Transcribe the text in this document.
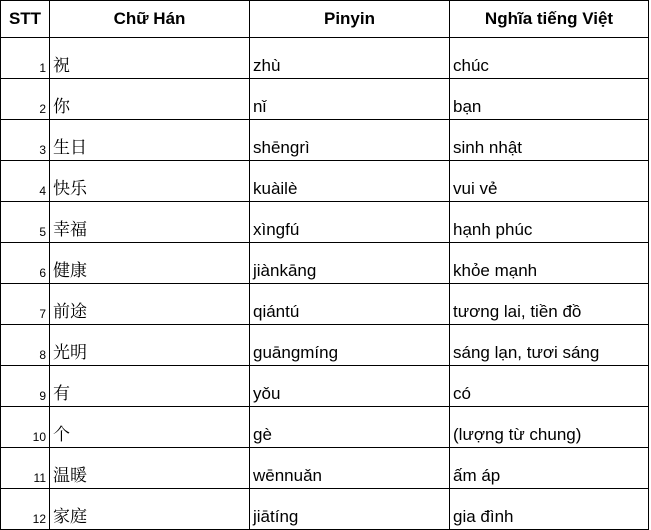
STT	Chữ Hán	Pinyin	Nghĩa tiếng Việt
1	祝	zhù	chúc
2	你	nǐ	bạn
3	生日	shēngrì	sinh nhật
4	快乐	kuàilè	vui vẻ
5	幸福	xìngfú	hạnh phúc
6	健康	jiànkāng	khỏe mạnh
7	前途	qiántú	tương lai, tiền đồ
8	光明	guāngmíng	sáng lạn, tươi sáng
9	有	yǒu	có
10	个	gè	(lượng từ chung)
11	温暖	wēnnuǎn	ấm áp
12	家庭	jiātíng	gia đình
